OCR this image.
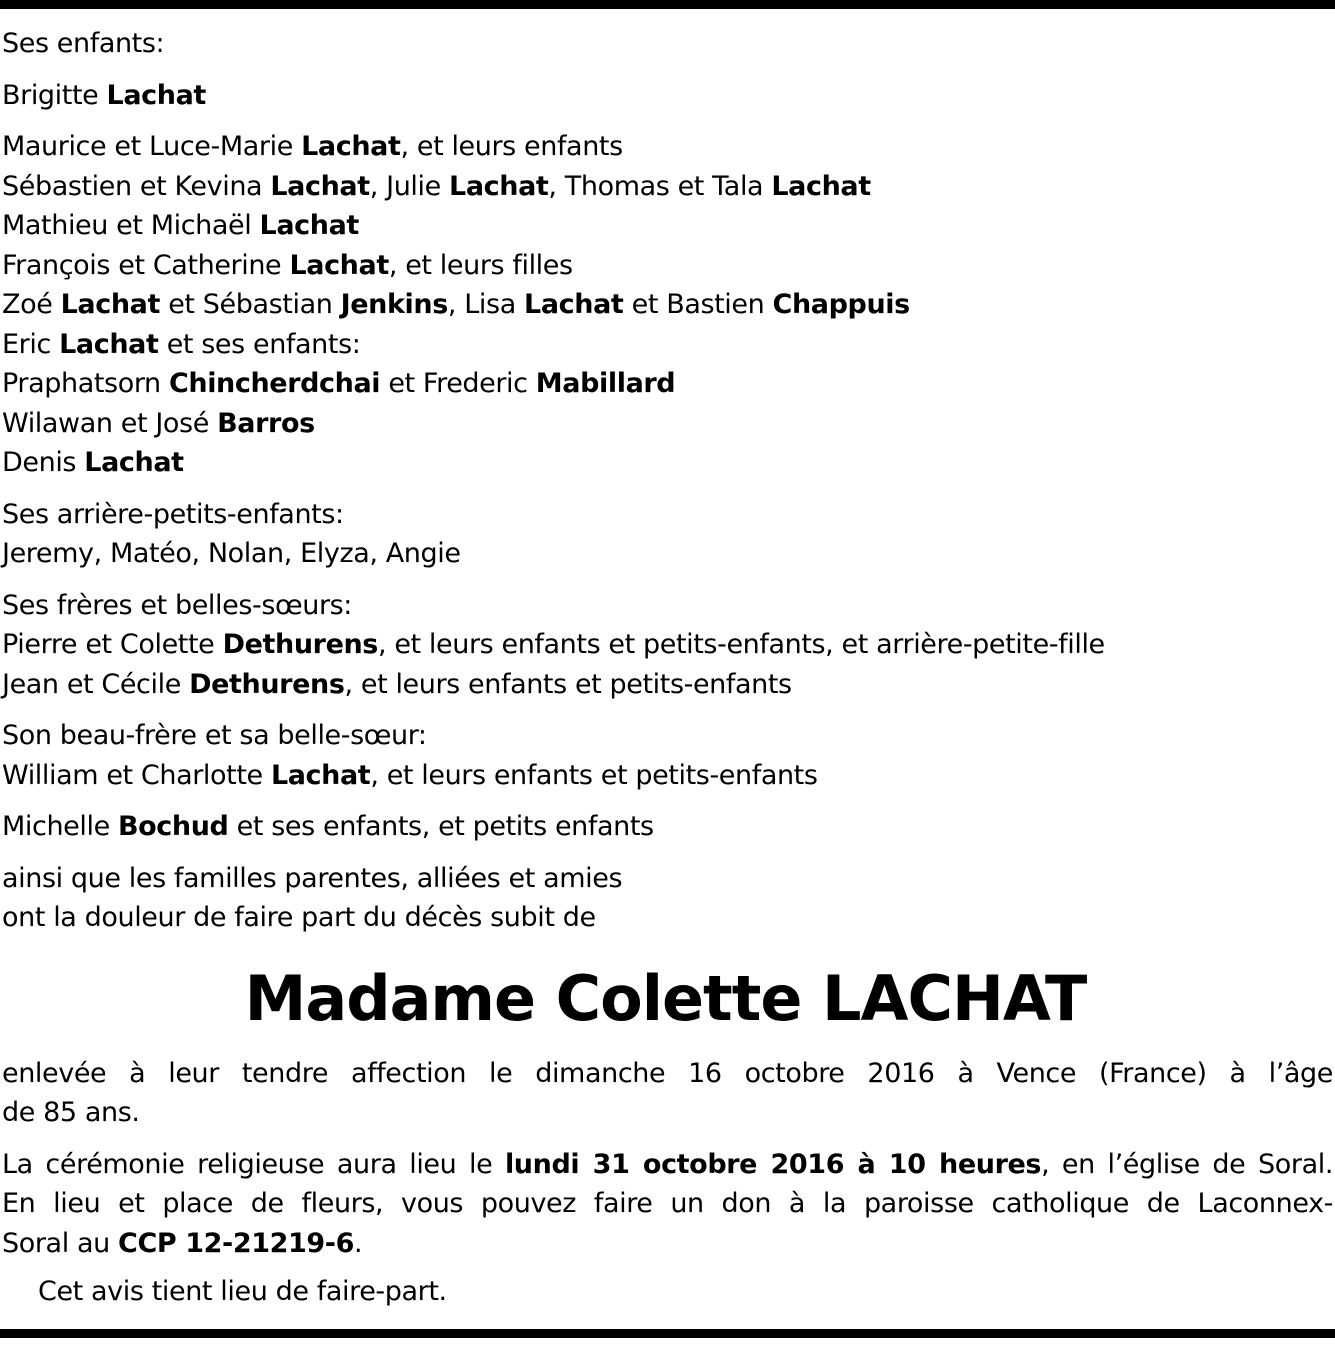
Ses enfants:
Brigitte Lachat
Maurice et Luce-Marie Lachat, et leurs enfants
Sébastien et Kevina Lachat, Julie Lachat, Thomas et Tala Lachat
Mathieu et Michaël Lachat
François et Catherine Lachat, et leurs filles
Zoé Lachat et Sébastian Jenkins, Lisa Lachat et Bastien Chappuis
Eric Lachat et ses enfants:
Praphatsorn Chincherdchai et Frederic Mabillard
Wilawan et José Barros
Denis Lachat
Ses arrière-petits-enfants:
Jeremy, Matéo, Nolan, Elyza, Angie
Ses frères et belles-sœurs:
Pierre et Colette Dethurens, et leurs enfants et petits-enfants, et arrière-petite-fille
Jean et Cécile Dethurens, et leurs enfants et petits-enfants
Son beau-frère et sa belle-sœur:
William et Charlotte Lachat, et leurs enfants et petits-enfants
Michelle Bochud et ses enfants, et petits enfants
ainsi que les familles parentes, alliées et amies
ont la douleur de faire part du décès subit de
Madame Colette LACHAT
enlevée à leur tendre affection le dimanche 16 octobre 2016 à Vence (France) à l’âge
de 85 ans.
La cérémonie religieuse aura lieu le lundi 31 octobre 2016 à 10 heures, en l’église de Soral.
En lieu et place de fleurs, vous pouvez faire un don à la paroisse catholique de Laconnex-
Soral au CCP 12-21219-6.
Cet avis tient lieu de faire-part.
